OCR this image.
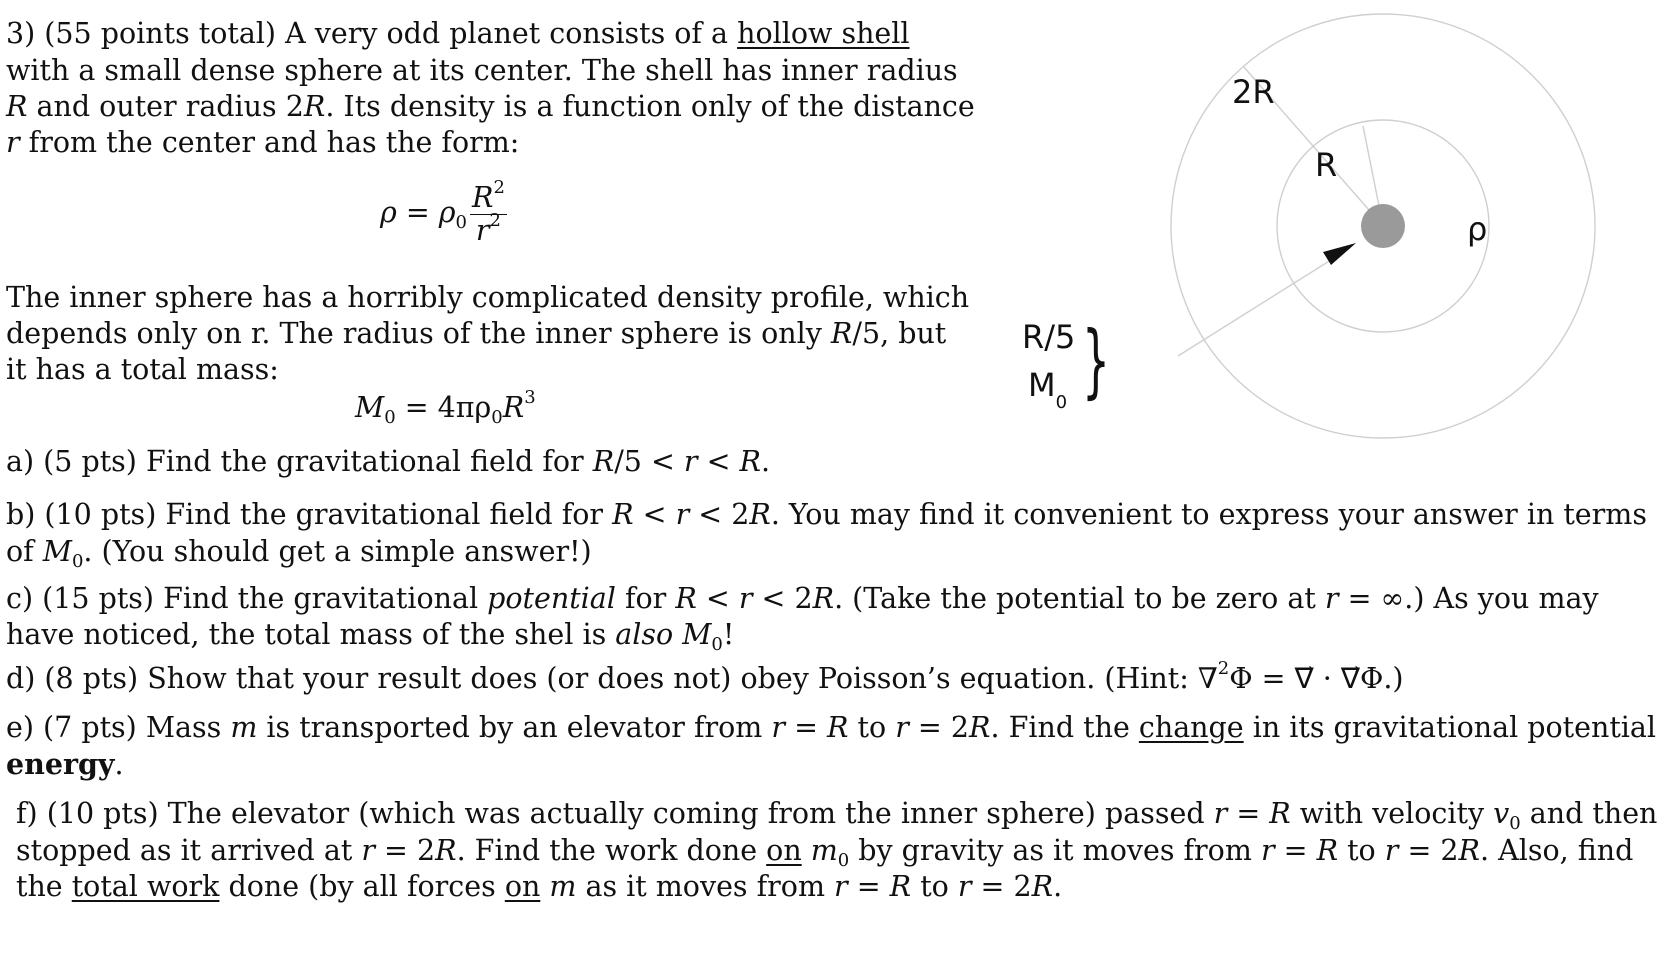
3) (55 points total) A very odd planet consists of a hollow shell
with a small dense sphere at its center. The shell has inner radius
R and outer radius 2R. Its density is a function only of the distance
r from the center and has the form:
$\rho = \rho_0 \frac{R^2}{r^2}$
The inner sphere has a horribly complicated density profile, which
depends only on r. The radius of the inner sphere is only R/5, but
it has a total mass:
$M_0 = 4\pi\rho_0R^3$
a) (5 pts) Find the gravitational field for R/5 < r < R.
b) (10 pts) Find the gravitational field for R < r < 2R. You may find it convenient to express your answer in terms
of $M_0$. (You should get a simple answer!)
c) (15 pts) Find the gravitational potential for R < r < 2R. (Take the potential to be zero at r = ∞.) As you may
have noticed, the total mass of the shel is also $M_0$!
d) (8 pts) Show that your result does (or does not) obey Poisson’s equation. (Hint: ∇$^2$Φ = ∇⃗ · ∇⃗Φ.)
e) (7 pts) Mass m is transported by an elevator from r = R to r = 2R. Find the change in its gravitational potential
energy.
f) (10 pts) The elevator (which was actually coming from the inner sphere) passed r = R with velocity $v_0$ and then
stopped as it arrived at r = 2R. Find the work done on $m_0$ by gravity as it moves from r = R to r = 2R. Also, find
the total work done (by all forces on m as it moves from r = R to r = 2R.
2R
R
ρ
R/5
$M_0$ }
